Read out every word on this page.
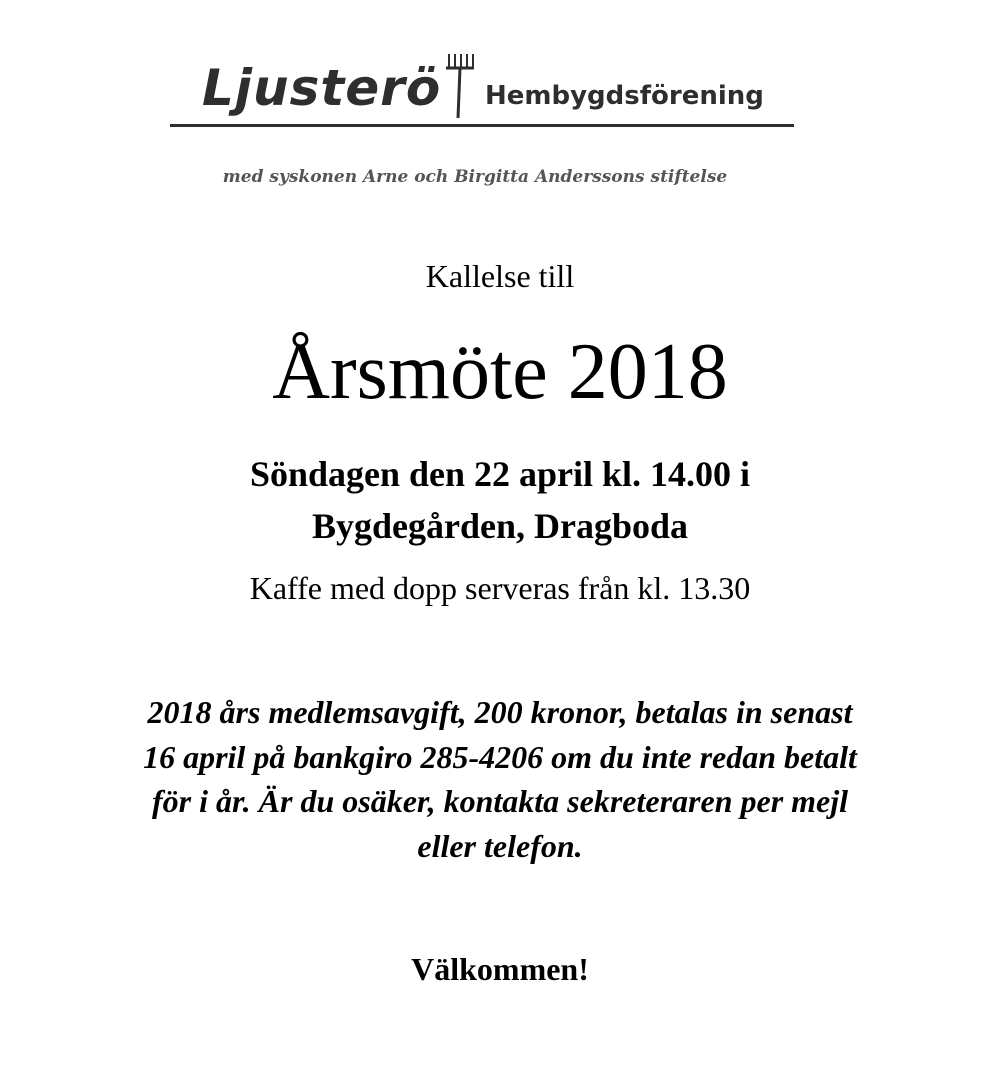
Ljusterö Hembygdsförening
med syskonen Arne och Birgitta Anderssons stiftelse
Kallelse till
Årsmöte 2018
Söndagen den 22 april kl. 14.00 i
Bygdegården, Dragboda
Kaffe med dopp serveras från kl. 13.30
2018 års medlemsavgift, 200 kronor, betalas in senast
16 april på bankgiro 285-4206 om du inte redan betalt
för i år. Är du osäker, kontakta sekreteraren per mejl
eller telefon.
Välkommen!
